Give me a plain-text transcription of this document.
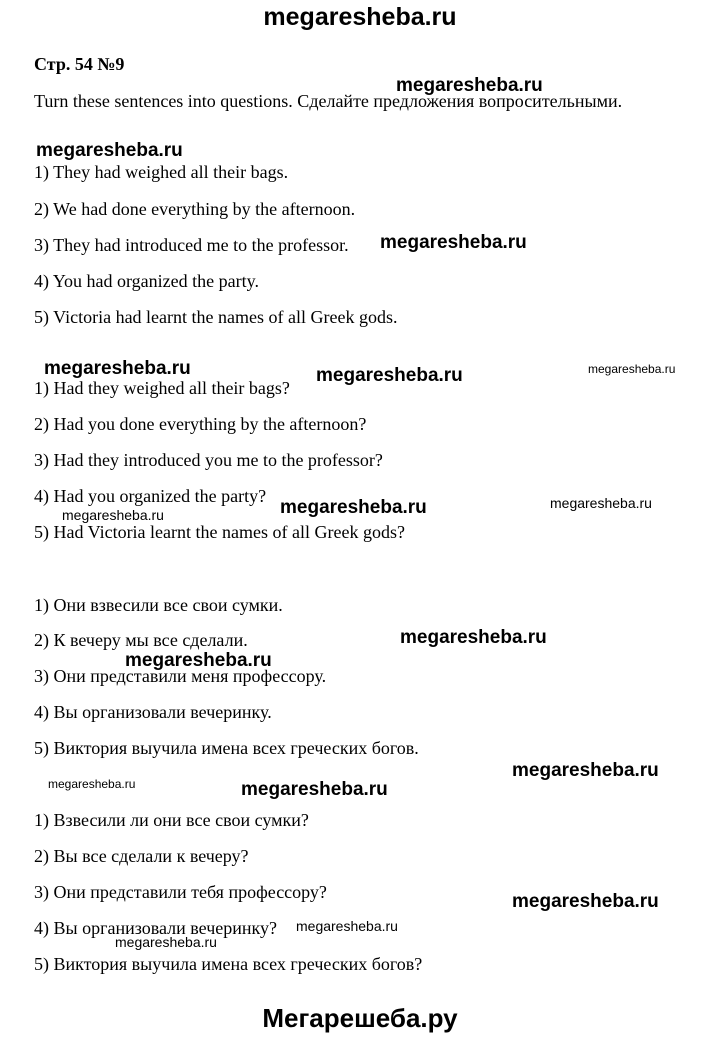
megaresheba.ru
Стр. 54 №9
Turn these sentences into questions. Сделайте предложения вопросительными.
1) They had weighed all their bags.
2) We had done everything by the afternoon.
3) They had introduced me to the professor.
4) You had organized the party.
5) Victoria had learnt the names of all Greek gods.
1) Had they weighed all their bags?
2) Had you done everything by the afternoon?
3) Had they introduced you me to the professor?
4) Had you organized the party?
5) Had Victoria learnt the names of all Greek gods?
1) Они взвесили все свои сумки.
2) К вечеру мы все сделали.
3) Они представили меня профессору.
4) Вы организовали вечеринку.
5) Виктория выучила имена всех греческих богов.
1) Взвесили ли они все свои сумки?
2) Вы все сделали к вечеру?
3) Они представили тебя профессору?
4) Вы организовали вечеринку?
5) Виктория выучила имена всех греческих богов?
megaresheba.ru
megaresheba.ru
megaresheba.ru
megaresheba.ru	megaresheba.ru	megaresheba.ru
megaresheba.ru	megaresheba.ru
megaresheba.ru
megaresheba.ru
megaresheba.ru
megaresheba.ru
megaresheba.ru	megaresheba.ru
megaresheba.ru
megaresheba.ru
megaresheba.ru
Мегарешеба.ру
